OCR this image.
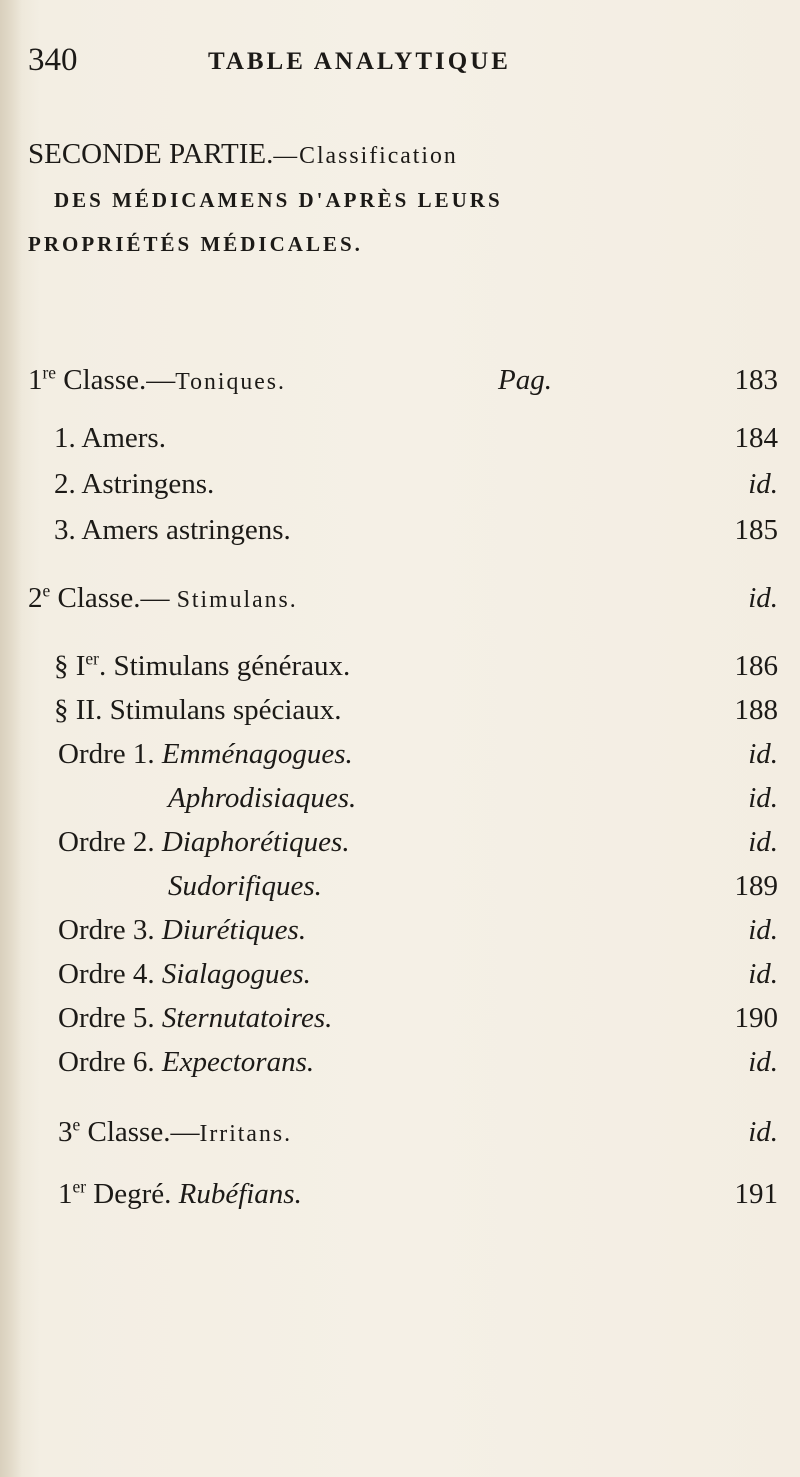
340	TABLE ANALYTIQUE
SECONDE PARTIE.—Classification
DES MÉDICAMENS D'APRÈS LEURS
PROPRIÉTÉS MÉDICALES.
1re Classe.—Toniques.	Pag.	183
1. Amers.	184
2. Astringens.	id.
3. Amers astringens.	185
2e Classe.— Stimulans.	id.
§ Ier. Stimulans généraux.	186
§ II. Stimulans spéciaux.	188
Ordre 1. Emménagogues.	id.
Aphrodisiaques.	id.
Ordre 2. Diaphorétiques.	id.
Sudorifiques.	189
Ordre 3. Diurétiques.	id.
Ordre 4. Sialagogues.	id.
Ordre 5. Sternutatoires.	190
Ordre 6. Expectorans.	id.
3e Classe.—Irritans.	id.
1er Degré. Rubéfians.	191
